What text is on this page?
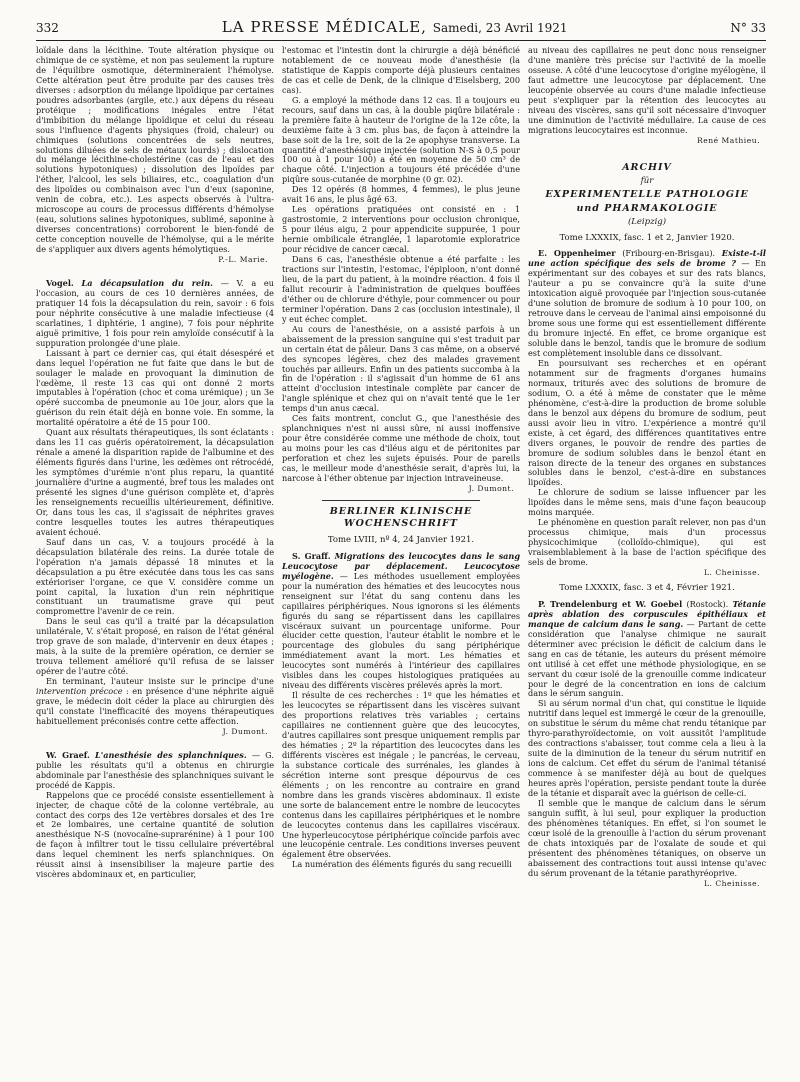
332	LA PRESSE MÉDICALE, Samedi, 23 Avril 1921	N° 33

loïdale dans la lécithine. Toute altération physique ou chimique de ce système, et non pas seulement la rupture de l'équilibre osmotique, détermineraient l'hémolyse. Cette altération peut être produite par des causes très diverses : adsorption du mélange lipoïdique par certaines poudres adsorbantes (argile, etc.) aux dépens du réseau protéique ; modifications inégales entre l'état d'imbibition du mélange lipoïdique et celui du réseau sous l'influence d'agents physiques (froid, chaleur) ou chimiques (solutions concentrées de sels neutres, solutions diluées de sels de métaux lourds) ; dislocation du mélange lécithine-cholestérine (cas de l'eau et des solutions hypotoniques) ; dissolution des lipoïdes par l'éther, l'alcool, les sels biliaires, etc., coagulation d'un des lipoïdes ou combinaison avec l'un d'eux (saponine, venin de cobra, etc.). Les aspects observés à l'ultra-microscope au cours de processus différents d'hémolyse (eau, solutions salines hypotoniques, sublimé, saponine à diverses concentrations) corroborent le bien-fondé de cette conception nouvelle de l'hémolyse, qui a le mérite de s'appliquer aux divers agents hémolytiques.

P.-L. Marie.

Vogel. La décapsulation du rein. — V. a eu l'occasion, au cours de ces 10 dernières années, de pratiquer 14 fois la décapsulation du rein, savoir : 6 fois pour néphrite consécutive à une maladie infectieuse (4 scarlatines, 1 diphtérie, 1 angine), 7 fois pour néphrite aiguë primitive, 1 fois pour rein amyloïde consécutif à la suppuration prolongée d'une plaie.

Laissant à part ce dernier cas, qui était désespéré et dans lequel l'opération ne fut faite que dans le but de soulager le malade en provoquant la diminution de l'œdème, il reste 13 cas qui ont donné 2 morts imputables à l'opération (choc et coma urémique) ; un 3e opéré succomba de pneumonie au 10e jour, alors que la guérison du rein était déjà en bonne voie. En somme, la mortalité opératoire a été de 15 pour 100.

Quant aux résultats thérapeutiques, ils sont éclatants : dans les 11 cas guéris opératoirement, la décapsulation rénale a amené la disparition rapide de l'albumine et des éléments figurés dans l'urine, les œdèmes ont rétrocédé, les symptômes d'urémie n'ont plus reparu, la quantité journalière d'urine a augmenté, bref tous les malades ont présenté les signes d'une guérison complète et, d'après les renseignements recueillis ultérieurement, définitive. Or, dans tous les cas, il s'agissait de néphrites graves contre lesquelles toutes les autres thérapeutiques avaient échoué.

Sauf dans un cas, V. a toujours procédé à la décapsulation bilatérale des reins. La durée totale de l'opération n'a jamais dépassé 18 minutes et la décapsulation a pu être exécutée dans tous les cas sans extérioriser l'organe, ce que V. considère comme un point capital, la luxation d'un rein néphritique constituant un traumatisme grave qui peut compromettre l'avenir de ce rein.

Dans le seul cas qu'il a traité par la décapsulation unilatérale, V. s'était proposé, en raison de l'état général trop grave de son malade, d'intervenir en deux étapes ; mais, à la suite de la première opération, ce dernier se trouva tellement amélioré qu'il refusa de se laisser opérer de l'autre côté.

En terminant, l'auteur insiste sur le principe d'une intervention précoce : en présence d'une néphrite aiguë grave, le médecin doit céder la place au chirurgien dès qu'il constate l'inefficacité des moyens thérapeutiques habituellement préconisés contre cette affection.

J. Dumont.

W. Graef. L'anesthésie des splanchniques. — G. publie les résultats qu'il a obtenus en chirurgie abdominale par l'anesthésie des splanchniques suivant le procédé de Kappis.

Rappelons que ce procédé consiste essentiellement à injecter, de chaque côté de la colonne vertébrale, au contact des corps des 12e vertèbres dorsales et des 1re et 2e lombaires, une certaine quantité de solution anesthésique N-S (novocaïne-suprarénine) à 1 pour 100 de façon à infiltrer tout le tissu cellulaire prévertébral dans lequel cheminent les nerfs splanchniques. On réussit ainsi à insensibiliser la majeure partie des viscères abdominaux et, en particulier,

l'estomac et l'intestin dont la chirurgie a déjà bénéficié notablement de ce nouveau mode d'anesthésie (la statistique de Kappis comporte déjà plusieurs centaines de cas et celle de Denk, de la clinique d'Eiselsberg, 200 cas).

G. a employé la méthode dans 12 cas. Il a toujours eu recours, sauf dans un cas, à la double piqûre bilatérale : la première faite à hauteur de l'origine de la 12e côte, la deuxième faite à 3 cm. plus bas, de façon à atteindre la base soit de la 1re, soit de la 2e apophyse transverse. La quantité d'anesthésique injectée (solution N-S à 0,5 pour 100 ou à 1 pour 100) a été en moyenne de 50 cm³ de chaque côté. L'injection a toujours été précédée d'une piqûre sous-cutanée de morphine (0 gr. 02).

Des 12 opérés (8 hommes, 4 femmes), le plus jeune avait 16 ans, le plus âgé 63.

Les opérations pratiquées ont consisté en : 1 gastrostomie, 2 interventions pour occlusion chronique, 5 pour iléus aigu, 2 pour appendicite suppurée, 1 pour hernie ombilicale étranglée, 1 laparotomie exploratrice pour récidive de cancer cæcal.

Dans 6 cas, l'anesthésie obtenue a été parfaite : les tractions sur l'intestin, l'estomac, l'épiploon, n'ont donné lieu, de la part du patient, à la moindre réaction. 4 fois il fallut recourir à l'administration de quelques bouffées d'éther ou de chlorure d'éthyle, pour commencer ou pour terminer l'opération. Dans 2 cas (occlusion intestinale), il y eut échec complet.

Au cours de l'anesthésie, on a assisté parfois à un abaissement de la pression sanguine qui s'est traduit par un certain état de pâleur. Dans 3 cas même, on a observé des syncopes légères, chez des malades gravement touchés par ailleurs. Enfin un des patients succomba à la fin de l'opération : il s'agissait d'un homme de 61 ans atteint d'occlusion intestinale complète par cancer de l'angle splénique et chez qui on n'avait tenté que le 1er temps d'un anus cæcal.

Ces faits montrent, conclut G., que l'anesthésie des splanchniques n'est ni aussi sûre, ni aussi inoffensive pour être considérée comme une méthode de choix, tout au moins pour les cas d'iléus aigu et de péritonites par perforation et chez les sujets épuisés. Pour de pareils cas, le meilleur mode d'anesthésie serait, d'après lui, la narcose à l'éther obtenue par injection intraveineuse.

J. Dumont.
BERLINER KLINISCHE WOCHENSCHRIFT
Tome LVIII, nº 4, 24 Janvier 1921.

S. Graff. Migrations des leucocytes dans le sang Leucocytose par déplacement. Leucocytose myélogène. — Les méthodes usuellement employées pour la numération des hématies et des leucocytes nous renseignent sur l'état du sang contenu dans les capillaires périphériques. Nous ignorons si les éléments figurés du sang se répartissent dans les capillaires viscéraux suivant un pourcentage uniforme. Pour élucider cette question, l'auteur établit le nombre et le pourcentage des globules du sang périphérique immédiatement avant la mort. Les hématies et leucocytes sont numérés à l'intérieur des capillaires visibles dans les coupes histologiques pratiquées au niveau des différents viscères prélevés après la mort.

Il résulte de ces recherches : 1º que les hématies et les leucocytes se répartissent dans les viscères suivant des proportions relatives très variables ; certains capillaires ne contiennent guère que des leucocytes, d'autres capillaires sont presque uniquement remplis par des hématies ; 2º la répartition des leucocytes dans les différents viscères est inégale ; le pancréas, le cerveau, la substance corticale des surrénales, les glandes à sécrétion interne sont presque dépourvus de ces éléments ; on les rencontre au contraire en grand nombre dans les grands viscères abdominaux. Il existe une sorte de balancement entre le nombre de leucocytes contenus dans les capillaires périphériques et le nombre de leucocytes contenus dans les capillaires viscéraux. Une hyperleucocytose périphérique coïncide parfois avec une leucopénie centrale. Les conditions inverses peuvent également être observées.

La numération des éléments figurés du sang recueilli

au niveau des capillaires ne peut donc nous renseigner d'une manière très précise sur l'activité de la moelle osseuse. A côté d'une leucocytose d'origine myélogène, il faut admettre une leucocytose par déplacement. Une leucopénie observée au cours d'une maladie infectieuse peut s'expliquer par la rétention des leucocytes au niveau des viscères, sans qu'il soit nécessaire d'invoquer une diminution de l'activité médullaire. La cause de ces migrations leucocytaires est inconnue.

René Mathieu.
ARCHIV
für
EXPERIMENTELLE PATHOLOGIE
und PHARMAKOLOGIE
(Leipzig)
Tome LXXXIX, fasc. 1 et 2, Janvier 1920.

E. Oppenheimer (Fribourg-en-Brisgau). Existe-t-il une action spécifique des sels de brome ? — En expérimentant sur des cobayes et sur des rats blancs, l'auteur a pu se convaincre qu'à la suite d'une intoxication aiguë provoquée par l'injection sous-cutanée d'une solution de bromure de sodium à 10 pour 100, on retrouve dans le cerveau de l'animal ainsi empoisonné du brome sous une forme qui est essentiellement différente du bromure injecté. En effet, ce brome organique est soluble dans le benzol, tandis que le bromure de sodium est complètement insoluble dans ce dissolvant.

En poursuivant ses recherches et en opérant notamment sur de fragments d'organes humains normaux, triturés avec des solutions de bromure de sodium, O. a été à même de constater que le même phénomène, c'est-à-dire la production de brome soluble dans le benzol aux dépens du bromure de sodium, peut aussi avoir lieu in vitro. L'expérience a montré qu'il existe, à cet égard, des différences quantitatives entre divers organes, le pouvoir de rendre des parties de bromure de sodium solubles dans le benzol étant en raison directe de la teneur des organes en substances solubles dans le benzol, c'est-à-dire en substances lipoïdes.

Le chlorure de sodium se laisse influencer par les lipoïdes dans le même sens, mais d'une façon beaucoup moins marquée.

Le phénomène en question paraît relever, non pas d'un processus chimique, mais d'un processus physicochimique (colloïdo-chimique), qui est vraisemblablement à la base de l'action spécifique des sels de brome.

L. Cheinisse.
Tome LXXXIX, fasc. 3 et 4, Février 1921.

P. Trendelenburg et W. Goebel (Rostock). Tétanie après ablation des corpuscules épithéliaux et manque de calcium dans le sang. — Partant de cette considération que l'analyse chimique ne saurait déterminer avec précision le déficit de calcium dans le sang en cas de tétanie, les auteurs du présent mémoire ont utilisé à cet effet une méthode physiologique, en se servant du cœur isolé de la grenouille comme indicateur pour le degré de la concentration en ions de calcium dans le sérum sanguin.

Si au sérum normal d'un chat, qui constitue le liquide nutritif dans lequel est immergé le cœur de la grenouille, on substitue le sérum du même chat rendu tétanique par thyro-parathyroïdectomie, on voit aussitôt l'amplitude des contractions s'abaisser, tout comme cela a lieu à la suite de la diminution de la teneur du sérum nutritif en ions de calcium. Cet effet du sérum de l'animal tétanisé commence à se manifester déjà au bout de quelques heures après l'opération, persiste pendant toute la durée de la tétanie et disparaît avec la guérison de celle-ci.

Il semble que le manque de calcium dans le sérum sanguin suffit, à lui seul, pour expliquer la production des phénomènes tétaniques. En effet, si l'on soumet le cœur isolé de la grenouille à l'action du sérum provenant de chats intoxiqués par de l'oxalate de soude et qui présentent des phénomènes tétaniques, on observe un abaissement des contractions tout aussi intense qu'avec du sérum provenant de la tétanie parathyréoprive.

L. Cheinisse.
